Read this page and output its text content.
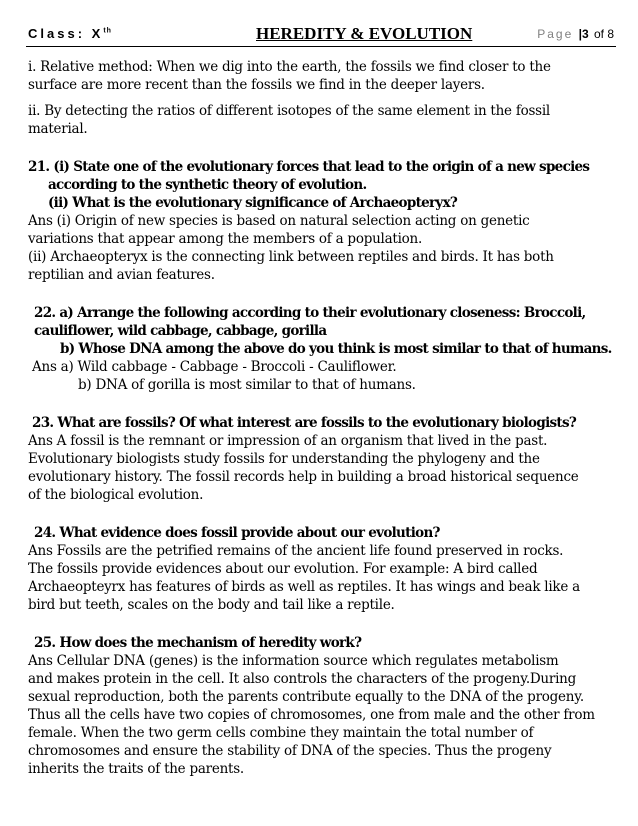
Class: Xth	HEREDITY & EVOLUTION	Page |3 of 8

i. Relative method: When we dig into the earth, the fossils we find closer to the

surface are more recent than the fossils we find in the deeper layers.

ii. By detecting the ratios of different isotopes of the same element in the fossil

material.

21. (i) State one of the evolutionary forces that lead to the origin of a new species

according to the synthetic theory of evolution.

(ii) What is the evolutionary significance of Archaeopteryx?

Ans (i) Origin of new species is based on natural selection acting on genetic

variations that appear among the members of a population.

(ii) Archaeopteryx is the connecting link between reptiles and birds. It has both

reptilian and avian features.

22. a) Arrange the following according to their evolutionary closeness: Broccoli,

cauliflower, wild cabbage, cabbage, gorilla

b) Whose DNA among the above do you think is most similar to that of humans.

Ans a) Wild cabbage - Cabbage - Broccoli - Cauliflower.

b) DNA of gorilla is most similar to that of humans.

23. What are fossils? Of what interest are fossils to the evolutionary biologists?

Ans A fossil is the remnant or impression of an organism that lived in the past.

Evolutionary biologists study fossils for understanding the phylogeny and the

evolutionary history. The fossil records help in building a broad historical sequence

of the biological evolution.

24. What evidence does fossil provide about our evolution?

Ans Fossils are the petrified remains of the ancient life found preserved in rocks.

The fossils provide evidences about our evolution. For example: A bird called

Archaeopteyrx has features of birds as well as reptiles. It has wings and beak like a

bird but teeth, scales on the body and tail like a reptile.

25. How does the mechanism of heredity work?

Ans Cellular DNA (genes) is the information source which regulates metabolism

and makes protein in the cell. It also controls the characters of the progeny.During

sexual reproduction, both the parents contribute equally to the DNA of the progeny.

Thus all the cells have two copies of chromosomes, one from male and the other from

female. When the two germ cells combine they maintain the total number of

chromosomes and ensure the stability of DNA of the species. Thus the progeny

inherits the traits of the parents.
